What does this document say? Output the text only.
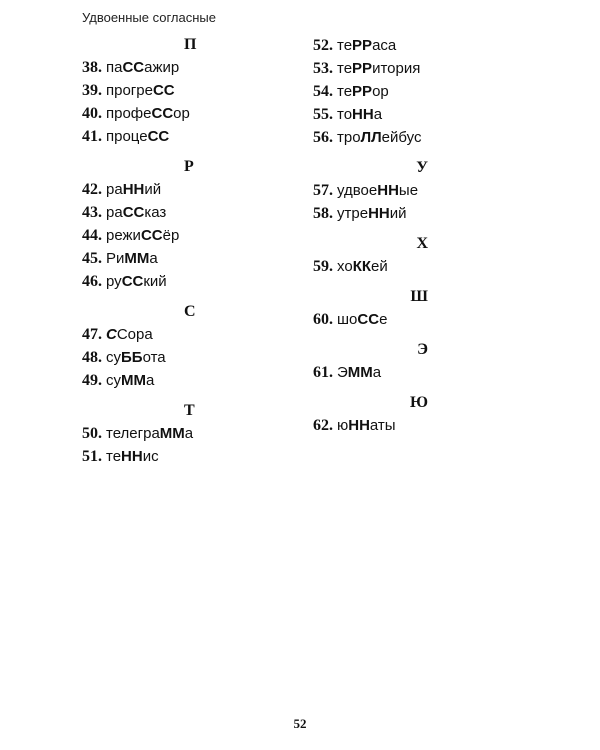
Удвоенные согласные
П
38. паССажир
39. прогреСС
40. профеССор
41. процеСС
Р
42. раННий
43. раССказ
44. режиССёр
45. РиММа
46. руССкий
С
47. ССора
48. суББота
49. суММа
Т
50. телеграММа
51. теННис
52. теРРаса
53. теРРитория
54. теРРор
55. тоННа
56. троЛЛейбус
У
57. удвоеННые
58. утреННий
Х
59. хоККей
Ш
60. шоССе
Э
61. ЭММа
Ю
62. юННаты
52
